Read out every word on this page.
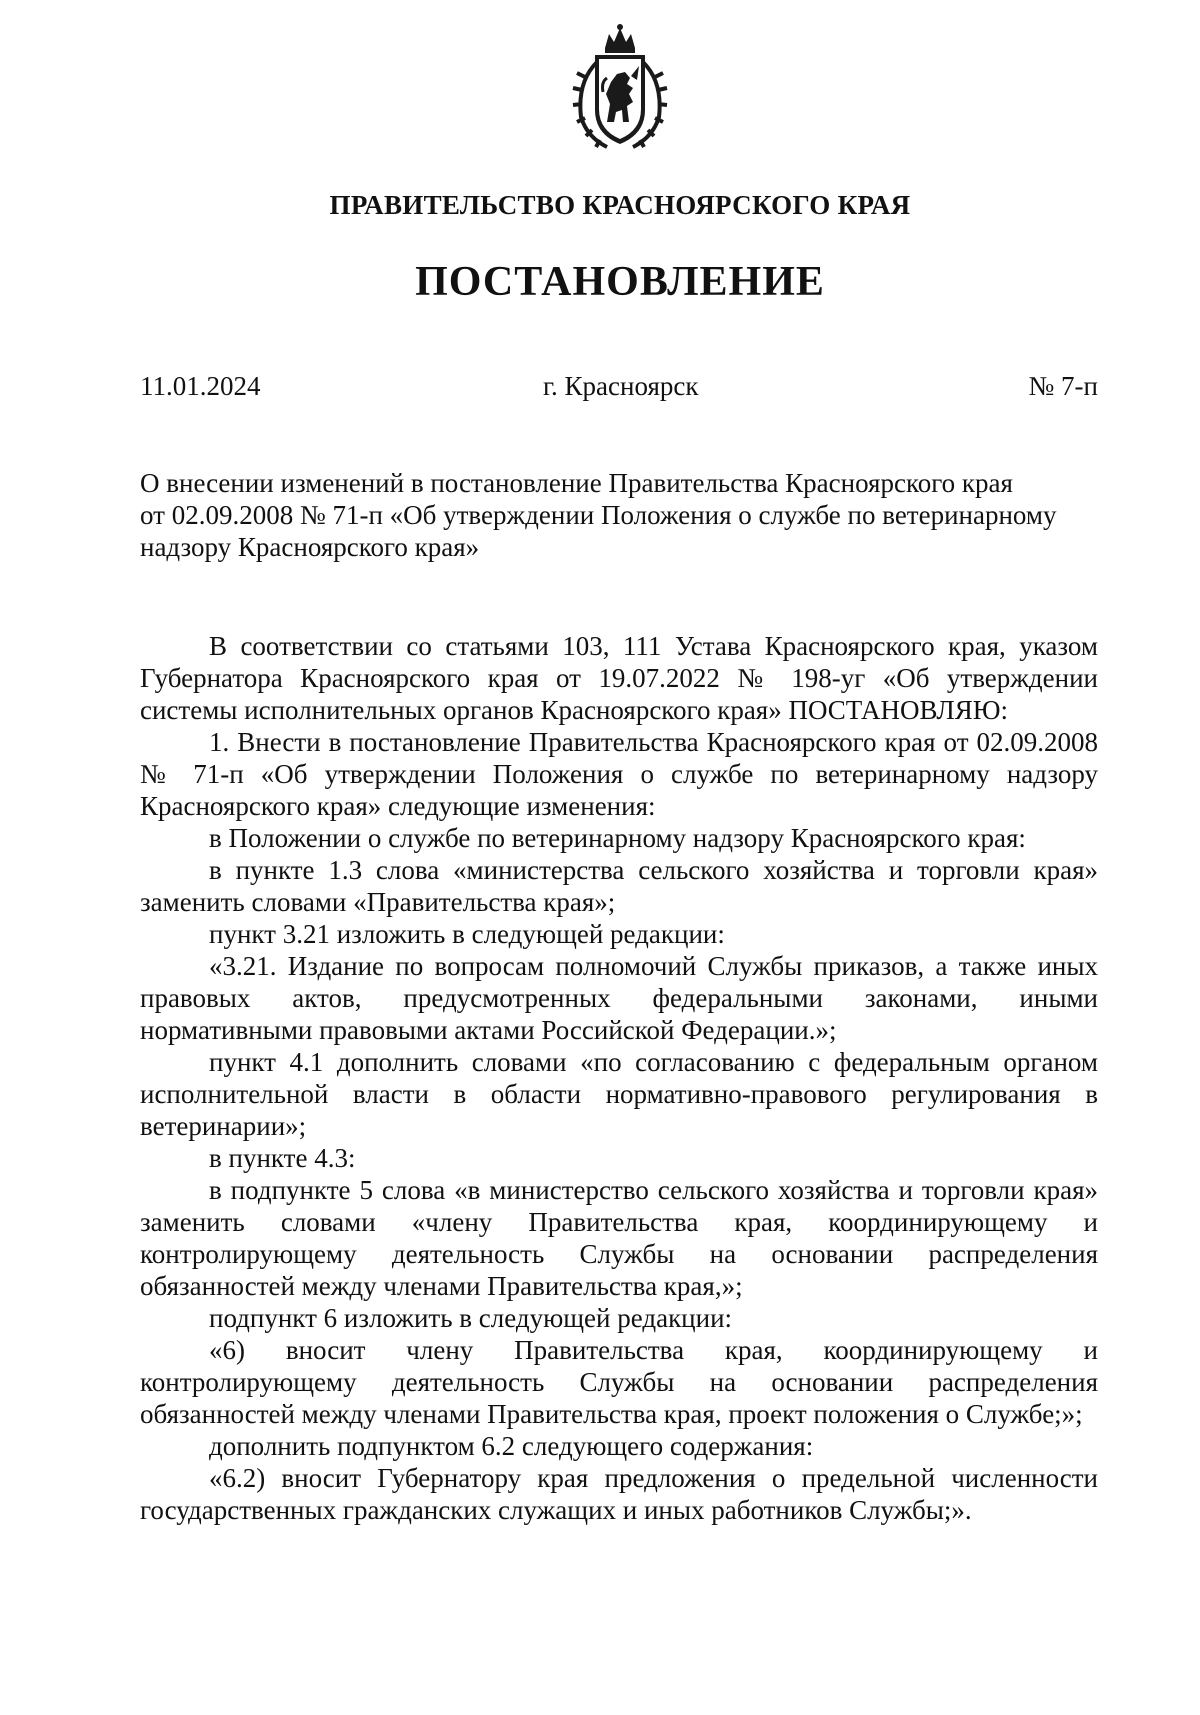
ПРАВИТЕЛЬСТВО КРАСНОЯРСКОГО КРАЯ
ПОСТАНОВЛЕНИЕ
11.01.2024	г. Красноярск	№ 7-п
О внесении изменений в постановление Правительства Красноярского края
от 02.09.2008 № 71-п «Об утверждении Положения о службе по ветеринарному
надзору Красноярского края»

В соответствии со статьями 103, 111 Устава Красноярского края, указом Губернатора Красноярского края от 19.07.2022 № 198-уг «Об утверждении системы исполнительных органов Красноярского края» ПОСТАНОВЛЯЮ:

1. Внести в постановление Правительства Красноярского края от 02.09.2008 № 71-п «Об утверждении Положения о службе по ветеринарному надзору Красноярского края» следующие изменения:

в Положении о службе по ветеринарному надзору Красноярского края:

в пункте 1.3 слова «министерства сельского хозяйства и торговли края» заменить словами «Правительства края»;

пункт 3.21 изложить в следующей редакции:

«3.21. Издание по вопросам полномочий Службы приказов, а также иных правовых актов, предусмотренных федеральными законами, иными нормативными правовыми актами Российской Федерации.»;

пункт 4.1 дополнить словами «по согласованию с федеральным органом исполнительной власти в области нормативно-правового регулирования в ветеринарии»;

в пункте 4.3:

в подпункте 5 слова «в министерство сельского хозяйства и торговли края» заменить словами «члену Правительства края, координирующему и контролирующему деятельность Службы на основании распределения обязанностей между членами Правительства края,»;

подпункт 6 изложить в следующей редакции:

«6) вносит члену Правительства края, координирующему и контролирующему деятельность Службы на основании распределения обязанностей между членами Правительства края, проект положения о Службе;»;

дополнить подпунктом 6.2 следующего содержания:

«6.2) вносит Губернатору края предложения о предельной численности государственных гражданских служащих и иных работников Службы;».
